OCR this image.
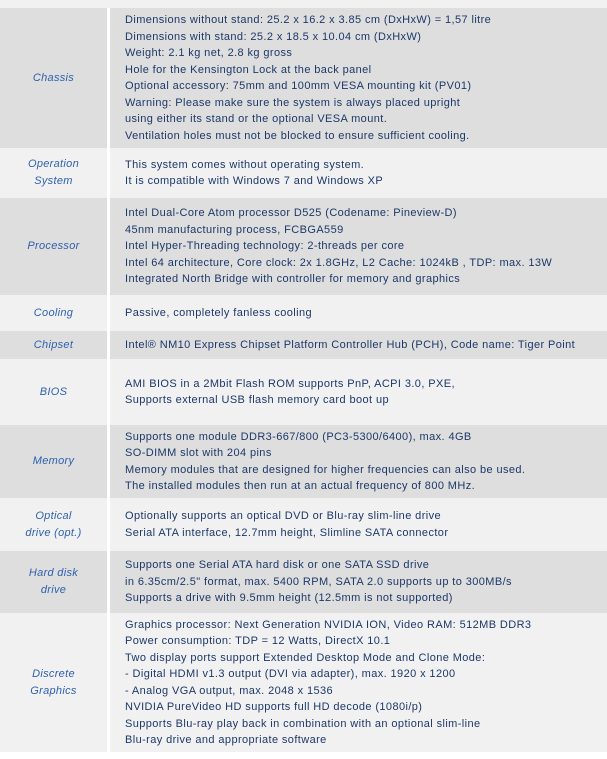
Chassis
Dimensions without stand: 25.2 x 16.2 x 3.85 cm (DxHxW) = 1,57 litre
Dimensions with stand: 25.2 x 18.5 x 10.04 cm (DxHxW)
Weight: 2.1 kg net, 2.8 kg gross
Hole for the Kensington Lock at the back panel
Optional accessory: 75mm and 100mm VESA mounting kit (PV01)
Warning: Please make sure the system is always placed upright
using either its stand or the optional VESA mount.
Ventilation holes must not be blocked to ensure sufficient cooling.
Operation
System
This system comes without operating system.
It is compatible with Windows 7 and Windows XP
Processor
Intel Dual-Core Atom processor D525 (Codename: Pineview-D)
45nm manufacturing process, FCBGA559
Intel Hyper-Threading technology: 2-threads per core
Intel 64 architecture, Core clock: 2x 1.8GHz, L2 Cache: 1024kB , TDP: max. 13W
Integrated North Bridge with controller for memory and graphics
Cooling	Passive, completely fanless cooling
Chipset	Intel® NM10 Express Chipset Platform Controller Hub (PCH), Code name: Tiger Point
BIOS
AMI BIOS in a 2Mbit Flash ROM supports PnP, ACPI 3.0, PXE,
Supports external USB flash memory card boot up
Memory
Supports one module DDR3-667/800 (PC3-5300/6400), max. 4GB
SO-DIMM slot with 204 pins
Memory modules that are designed for higher frequencies can also be used.
The installed modules then run at an actual frequency of 800 MHz.
Optical
drive (opt.)
Optionally supports an optical DVD or Blu-ray slim-line drive
Serial ATA interface, 12.7mm height, Slimline SATA connector
Hard disk
drive
Supports one Serial ATA hard disk or one SATA SSD drive
in 6.35cm/2.5" format, max. 5400 RPM, SATA 2.0 supports up to 300MB/s
Supports a drive with 9.5mm height (12.5mm is not supported)
Discrete
Graphics
Graphics processor: Next Generation NVIDIA ION, Video RAM: 512MB DDR3
Power consumption: TDP = 12 Watts, DirectX 10.1
Two display ports support Extended Desktop Mode and Clone Mode:
- Digital HDMI v1.3 output (DVI via adapter), max. 1920 x 1200
- Analog VGA output, max. 2048 x 1536
NVIDIA PureVideo HD supports full HD decode (1080i/p)
Supports Blu-ray play back in combination with an optional slim-line
Blu-ray drive and appropriate software
